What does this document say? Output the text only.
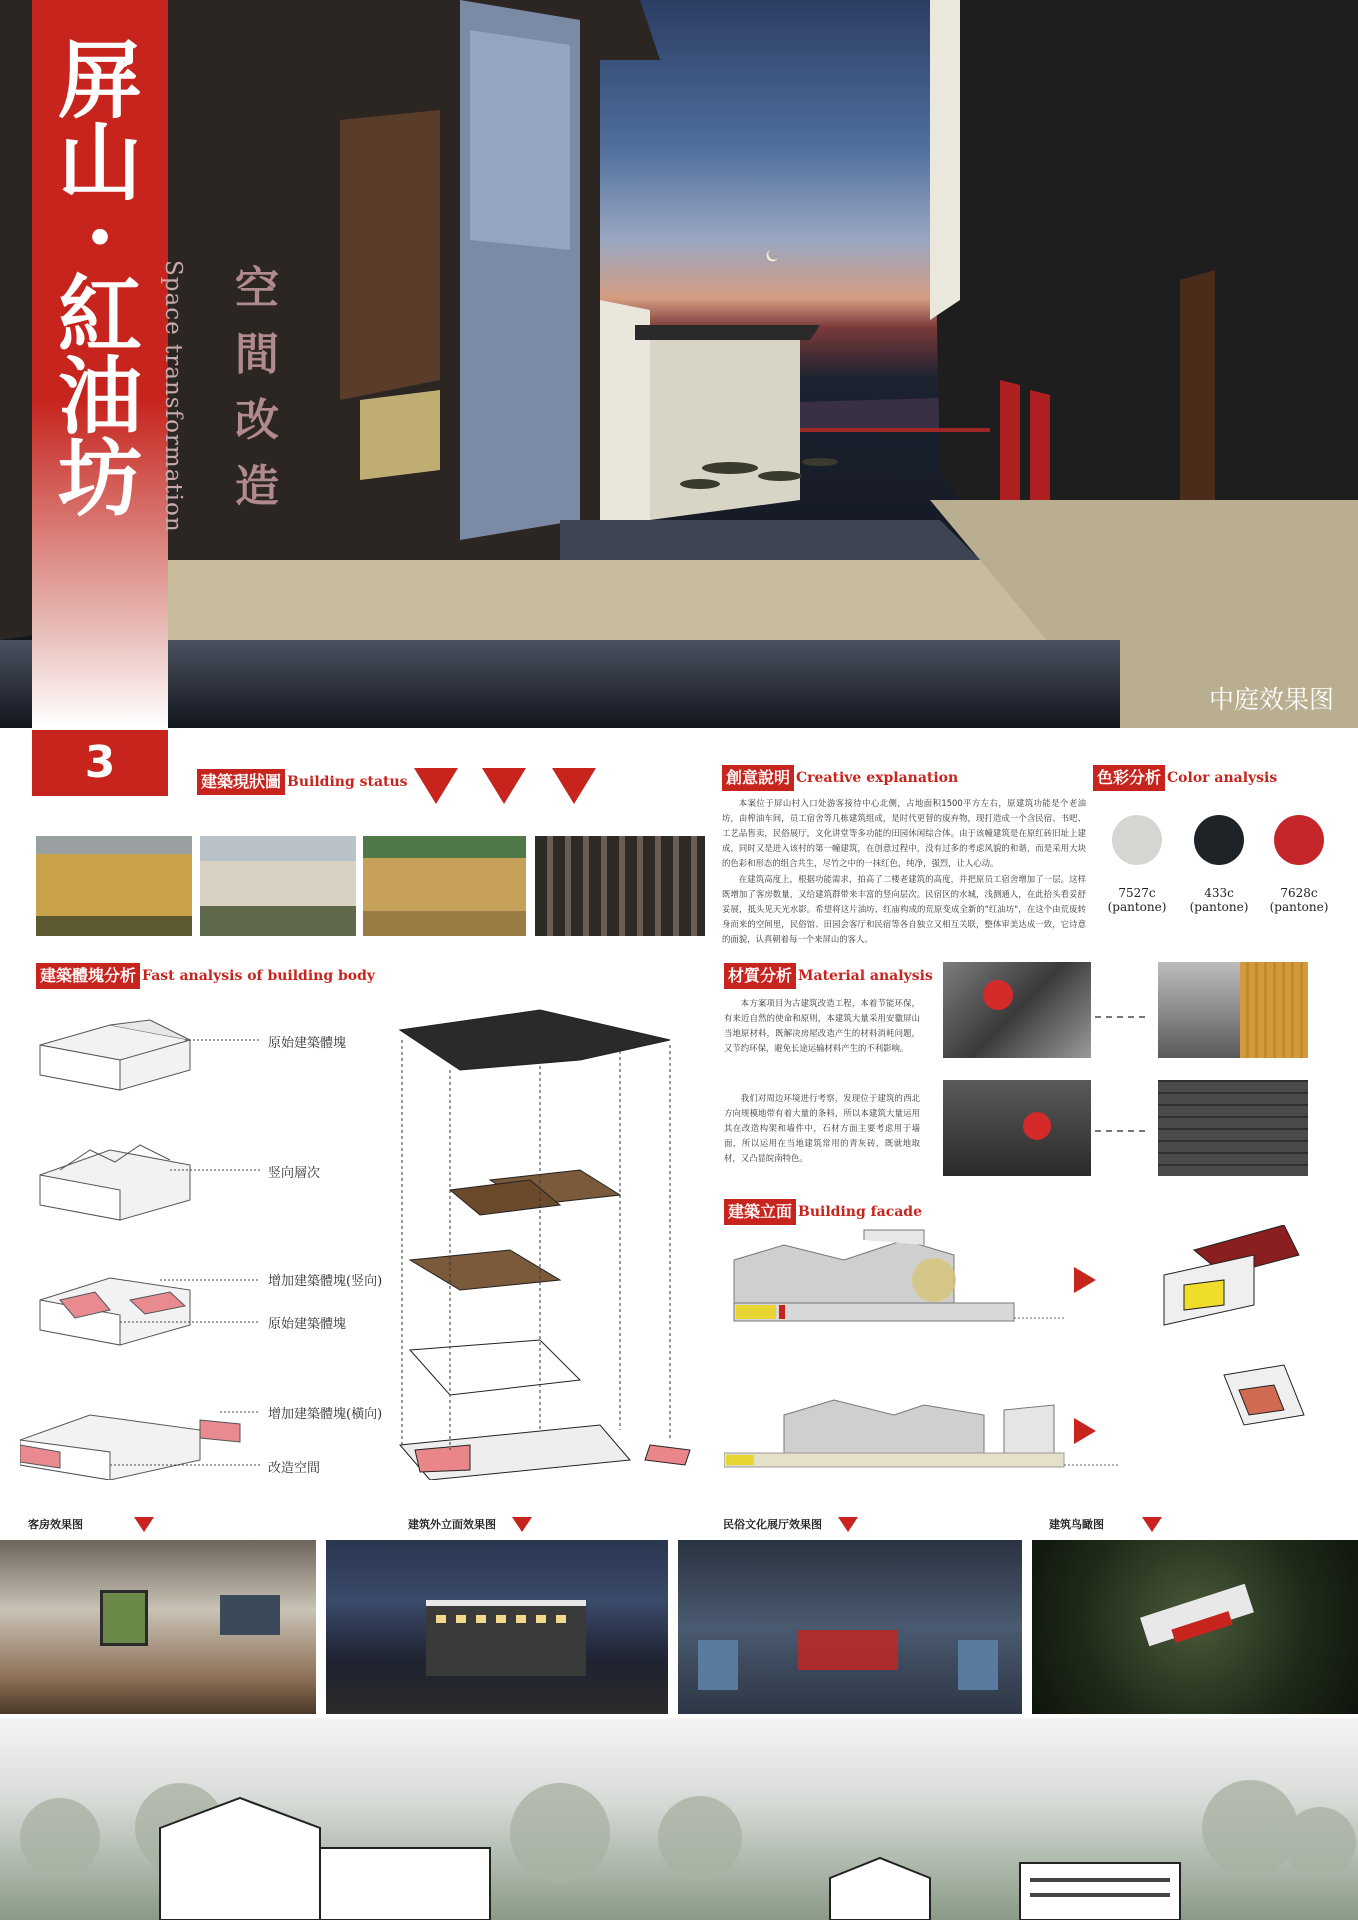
屏
山
·
紅
油
坊
空
間
改
造
Space transformation
中庭效果图
3	建築現狀圖 Building status	創意說明 Creative explanation
本案位于屏山村入口处游客接待中心北侧，占地面积1500平方左右，原建筑功能是个老油坊，由榨油车间，员工宿舍等几栋建筑组成，是时代更替的废弃物，现打造成一个含民宿、书吧、工艺品售卖，民俗展厅，文化讲堂等多功能的田园休闲综合体。由于该幢建筑是在原红砖旧址上建成，同时又是进入该村的第一幢建筑，在创意过程中，没有过多的考虑风貌的和谐，而是采用大块的色彩和形态的组合共生，尽竹之中的一抹红色，纯净，强烈，让人心动。
在建筑高度上，根据功能需求，拍高了二楼老建筑的高度，并把原员工宿舍增加了一层。这样既增加了客房数量，又给建筑群带来丰富的竖向层次。民宿区的水城，浅测通人，在此拾头看妥舒妥展，抵头见天光水影。希望将这片油坊、红庙构成的荒原变成全新的"红油坊"，在这个由荒废转身而来的空间里，民俗馆、田园会客厅和民宿等各自独立又相互关联，整体审美达成一致，它诗意的面貌，认真朝着每一个来屏山的客人。
色彩分析 Color analysis
7527c
(pantone)
433c
(pantone)
7628c
(pantone)
建築體塊分析 Fast analysis of building body
原始建築體塊
竖向層次
增加建築體塊(竖向)
原始建築體塊
增加建築體塊(橫向)
改造空間
材質分析 Material analysis
本方案项目为古建筑改造工程，本着节能环保，有来近自然的使命和原则，本建筑大量采用安徽屏山当地原材料，既解决房屋改造产生的材料消耗问题，又节约环保，避免长途运输材料产生的不利影响。
我们对周边环境进行考察，发现位于建筑的西北方向规模地带有着大量的条料，所以本建筑大量运用其在改造构架和墙件中，石材方面主要考虑用于墙面，所以运用在当地建筑常用的青灰砖，既就地取材，又凸显皖南特色。
建築立面 Building facade
客房效果图	建筑外立面效果图	民俗文化展厅效果图	建筑鸟瞰图
